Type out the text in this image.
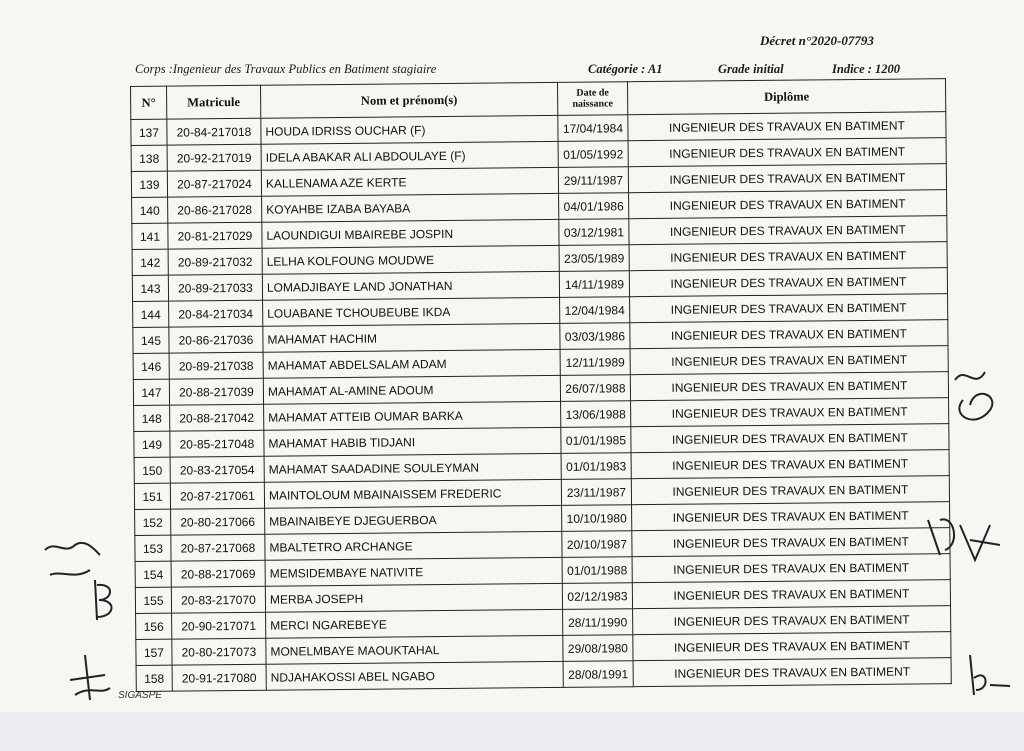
Décret n°2020-07793
Corps :Ingenieur des Travaux Publics en Batiment stagiaire	Catégorie : A1	Grade initial	Indice : 1200
N°	Matricule	Nom et prénom(s)	Date de
naissance	Diplôme
137	20-84-217018	HOUDA IDRISS OUCHAR (F)	17/04/1984	INGENIEUR DES TRAVAUX EN BATIMENT
138	20-92-217019	IDELA ABAKAR ALI ABDOULAYE (F)	01/05/1992	INGENIEUR DES TRAVAUX EN BATIMENT
139	20-87-217024	KALLENAMA AZE KERTE	29/11/1987	INGENIEUR DES TRAVAUX EN BATIMENT
140	20-86-217028	KOYAHBE IZABA BAYABA	04/01/1986	INGENIEUR DES TRAVAUX EN BATIMENT
141	20-81-217029	LAOUNDIGUI MBAIREBE JOSPIN	03/12/1981	INGENIEUR DES TRAVAUX EN BATIMENT
142	20-89-217032	LELHA KOLFOUNG MOUDWE	23/05/1989	INGENIEUR DES TRAVAUX EN BATIMENT
143	20-89-217033	LOMADJIBAYE LAND JONATHAN	14/11/1989	INGENIEUR DES TRAVAUX EN BATIMENT
144	20-84-217034	LOUABANE TCHOUBEUBE IKDA	12/04/1984	INGENIEUR DES TRAVAUX EN BATIMENT
145	20-86-217036	MAHAMAT HACHIM	03/03/1986	INGENIEUR DES TRAVAUX EN BATIMENT
146	20-89-217038	MAHAMAT ABDELSALAM ADAM	12/11/1989	INGENIEUR DES TRAVAUX EN BATIMENT
147	20-88-217039	MAHAMAT AL-AMINE ADOUM	26/07/1988	INGENIEUR DES TRAVAUX EN BATIMENT
148	20-88-217042	MAHAMAT ATTEIB OUMAR BARKA	13/06/1988	INGENIEUR DES TRAVAUX EN BATIMENT
149	20-85-217048	MAHAMAT HABIB TIDJANI	01/01/1985	INGENIEUR DES TRAVAUX EN BATIMENT
150	20-83-217054	MAHAMAT SAADADINE SOULEYMAN	01/01/1983	INGENIEUR DES TRAVAUX EN BATIMENT
151	20-87-217061	MAINTOLOUM MBAINAISSEM FREDERIC	23/11/1987	INGENIEUR DES TRAVAUX EN BATIMENT
152	20-80-217066	MBAINAIBEYE DJEGUERBOA	10/10/1980	INGENIEUR DES TRAVAUX EN BATIMENT
153	20-87-217068	MBALTETRO ARCHANGE	20/10/1987	INGENIEUR DES TRAVAUX EN BATIMENT
154	20-88-217069	MEMSIDEMBAYE NATIVITE	01/01/1988	INGENIEUR DES TRAVAUX EN BATIMENT
155	20-83-217070	MERBA JOSEPH	02/12/1983	INGENIEUR DES TRAVAUX EN BATIMENT
156	20-90-217071	MERCI NGAREBEYE	28/11/1990	INGENIEUR DES TRAVAUX EN BATIMENT
157	20-80-217073	MONELMBAYE MAOUKTAHAL	29/08/1980	INGENIEUR DES TRAVAUX EN BATIMENT
158	20-91-217080	NDJAHAKOSSI ABEL NGABO	28/08/1991	INGENIEUR DES TRAVAUX EN BATIMENT
SIGASPE
